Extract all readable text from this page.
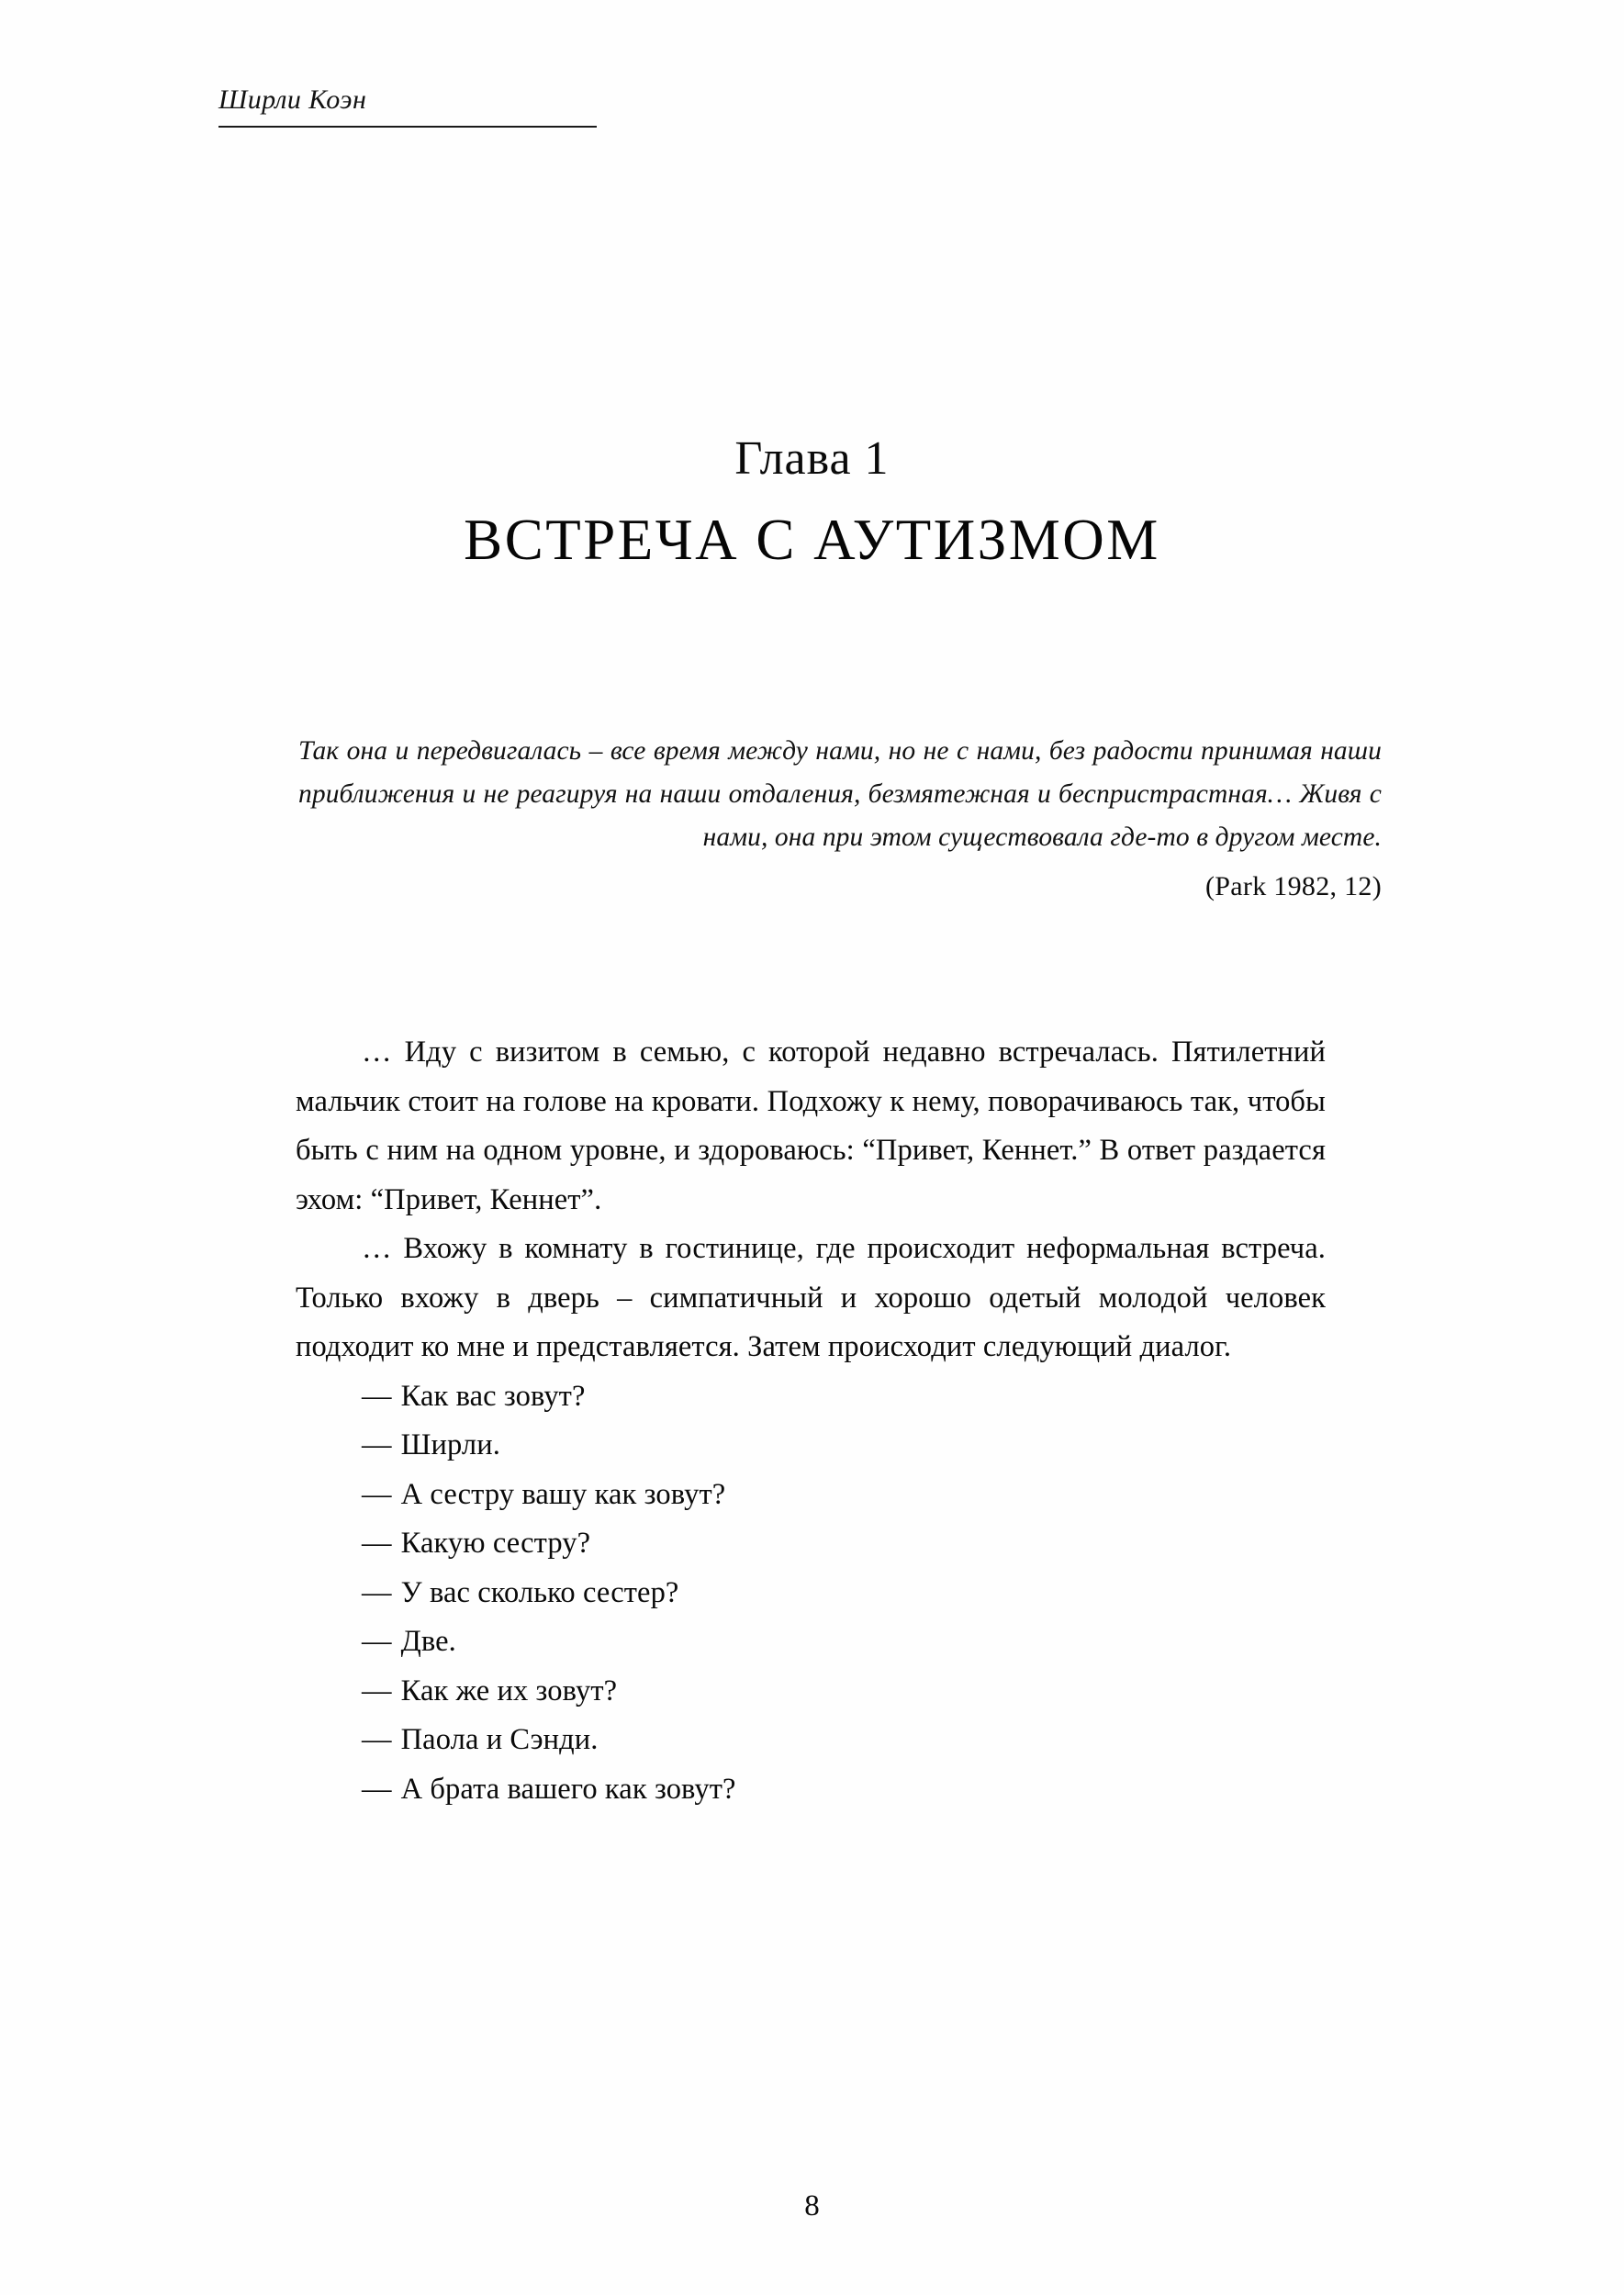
Ширли Коэн
Глава 1
ВСТРЕЧА С АУТИЗМОМ
Так она и передвигалась – все время между нами, но не с нами, без радости принимая наши приближения и не реагируя на наши отдаления, безмятежная и беспристрастная… Живя с нами, она при этом существовала где-то в другом месте.
(Park 1982, 12)

… Иду с визитом в семью, с которой недавно встречалась. Пятилетний мальчик стоит на голове на кровати. Подхожу к нему, поворачиваюсь так, чтобы быть с ним на одном уровне, и здороваюсь: “Привет, Кеннет.” В ответ раздается эхом: “Привет, Кеннет”.

… Вхожу в комнату в гостинице, где происходит неформальная встреча. Только вхожу в дверь – симпатичный и хорошо одетый молодой человек подходит ко мне и представляется. Затем происходит следующий диалог.

— Как вас зовут?

— Ширли.

— А сестру вашу как зовут?

— Какую сестру?

— У вас сколько сестер?

— Две.

— Как же их зовут?

— Паола и Сэнди.

— А брата вашего как зовут?

8
